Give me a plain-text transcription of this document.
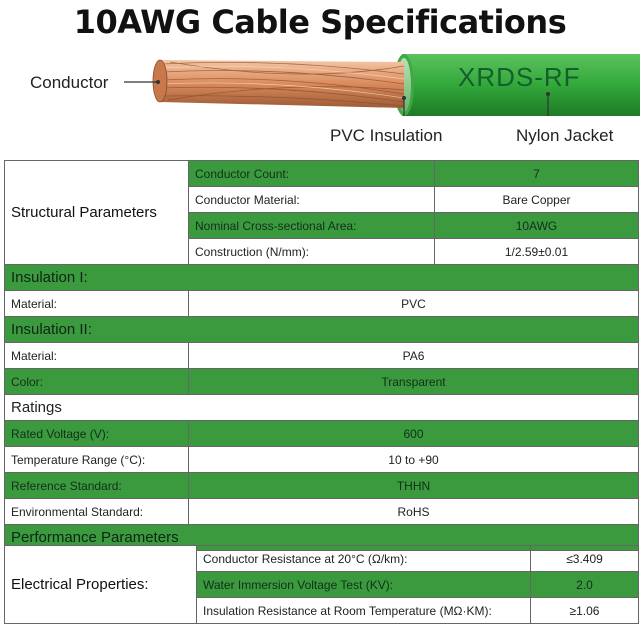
10AWG Cable Specifications
Conductor
PVC Insulation	Nylon Jacket
XRDS-RF
Structural Parameters	Conductor Count:	7
	Conductor Material:	Bare Copper
	Nominal Cross-sectional Area:	10AWG
	Construction (N/mm):	1/2.59±0.01
Insulation I:		
Material:	PVC	
Insulation II:		
Material:	PA6	
Color:	Transparent	
Ratings		
Rated Voltage (V):	600	
Temperature Range (°C):	10 to +90	
Reference Standard:	THHN	
Environmental Standard:	RoHS	
Performance Parameters		
Electrical Properties:	Conductor Resistance at 20°C (Ω/km):	≤3.409
	Water Immersion Voltage Test (KV):	2.0
	Insulation Resistance at Room Temperature (MΩ·KM):	≥1.06
